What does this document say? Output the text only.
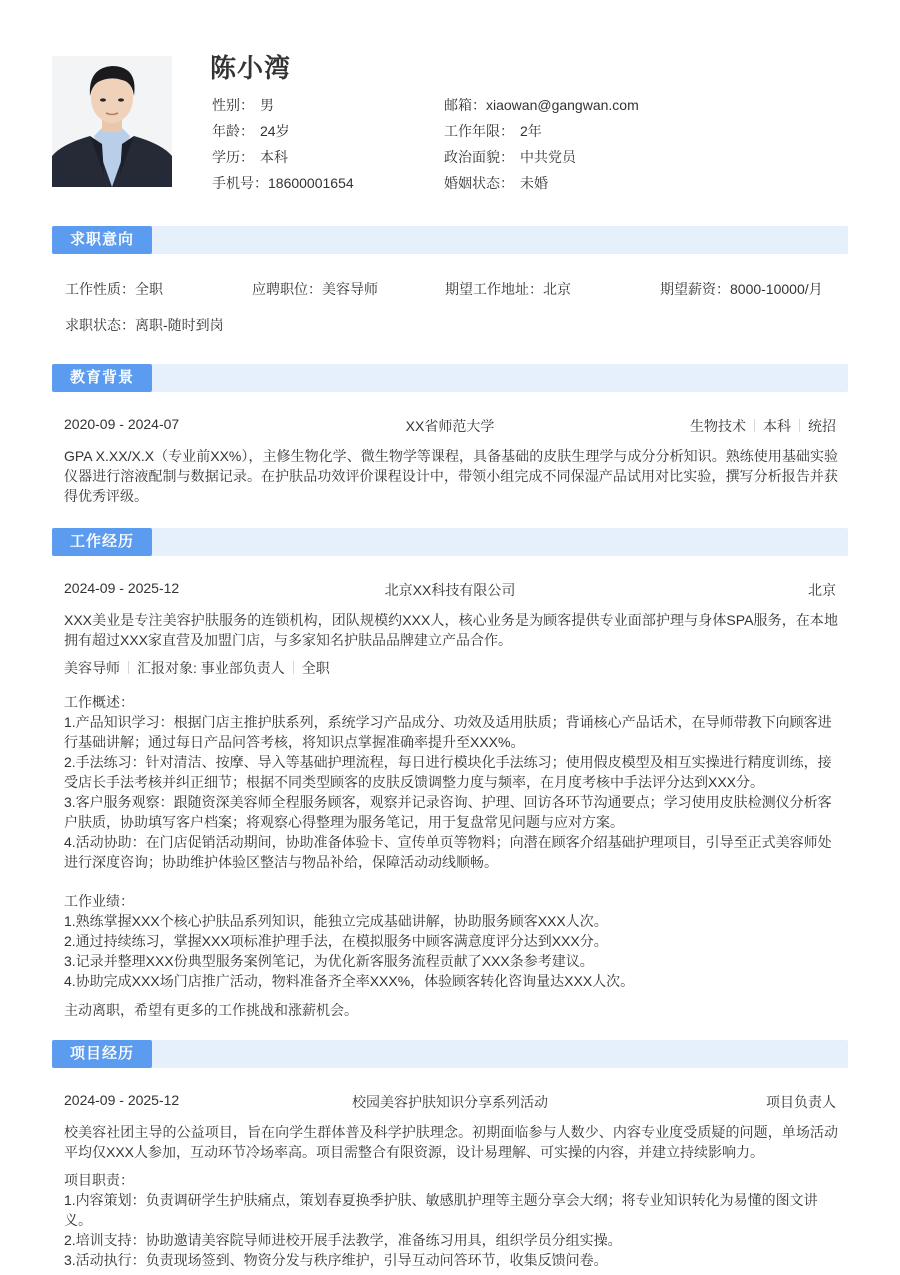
陈小湾
性别： 男
年龄： 24岁
学历： 本科
手机号：18600001654
邮箱：xiaowan@gangwan.com
工作年限： 2年
政治面貌： 中共党员
婚姻状态： 未婚
求职意向
工作性质：全职	应聘职位：美容导师	期望工作地址：北京	期望薪资：8000-10000/月
求职状态：离职-随时到岗
教育背景
2020-09 - 2024-07	XX省师范大学	生物技术 本科 统招
GPA X.XX/X.X（专业前XX%），主修生物化学、微生物学等课程，具备基础的皮肤生理学与成分分析知识。熟练使用基础实验仪器进行溶液配制与数据记录。在护肤品功效评价课程设计中，带领小组完成不同保湿产品试用对比实验，撰写分析报告并获得优秀评级。
工作经历
2024-09 - 2025-12	北京XX科技有限公司	北京
XXX美业是专注美容护肤服务的连锁机构，团队规模约XXX人，核心业务是为顾客提供专业面部护理与身体SPA服务，在本地拥有超过XXX家直营及加盟门店，与多家知名护肤品品牌建立产品合作。
美容导师 汇报对象: 事业部负责人 全职
工作概述：
1.产品知识学习：根据门店主推护肤系列，系统学习产品成分、功效及适用肤质；背诵核心产品话术，在导师带教下向顾客进行基础讲解；通过每日产品问答考核，将知识点掌握准确率提升至XXX%。
2.手法练习：针对清洁、按摩、导入等基础护理流程，每日进行模块化手法练习；使用假皮模型及相互实操进行精度训练，接受店长手法考核并纠正细节；根据不同类型顾客的皮肤反馈调整力度与频率，在月度考核中手法评分达到XXX分。
3.客户服务观察：跟随资深美容师全程服务顾客，观察并记录咨询、护理、回访各环节沟通要点；学习使用皮肤检测仪分析客户肤质，协助填写客户档案；将观察心得整理为服务笔记，用于复盘常见问题与应对方案。
4.活动协助：在门店促销活动期间，协助准备体验卡、宣传单页等物料；向潜在顾客介绍基础护理项目，引导至正式美容师处进行深度咨询；协助维护体验区整洁与物品补给，保障活动动线顺畅。
工作业绩：
1.熟练掌握XXX个核心护肤品系列知识，能独立完成基础讲解，协助服务顾客XXX人次。
2.通过持续练习，掌握XXX项标准护理手法，在模拟服务中顾客满意度评分达到XXX分。
3.记录并整理XXX份典型服务案例笔记，为优化新客服务流程贡献了XXX条参考建议。
4.协助完成XXX场门店推广活动，物料准备齐全率XXX%，体验顾客转化咨询量达XXX人次。
主动离职，希望有更多的工作挑战和涨薪机会。
项目经历
2024-09 - 2025-12	校园美容护肤知识分享系列活动	项目负责人
校美容社团主导的公益项目，旨在向学生群体普及科学护肤理念。初期面临参与人数少、内容专业度受质疑的问题，单场活动平均仅XXX人参加，互动环节冷场率高。项目需整合有限资源，设计易理解、可实操的内容，并建立持续影响力。
项目职责：
1.内容策划：负责调研学生护肤痛点，策划春夏换季护肤、敏感肌护理等主题分享会大纲；将专业知识转化为易懂的图文讲义。
2.培训支持：协助邀请美容院导师进校开展手法教学，准备练习用具，组织学员分组实操。
3.活动执行：负责现场签到、物资分发与秩序维护，引导互动问答环节，收集反馈问卷。
